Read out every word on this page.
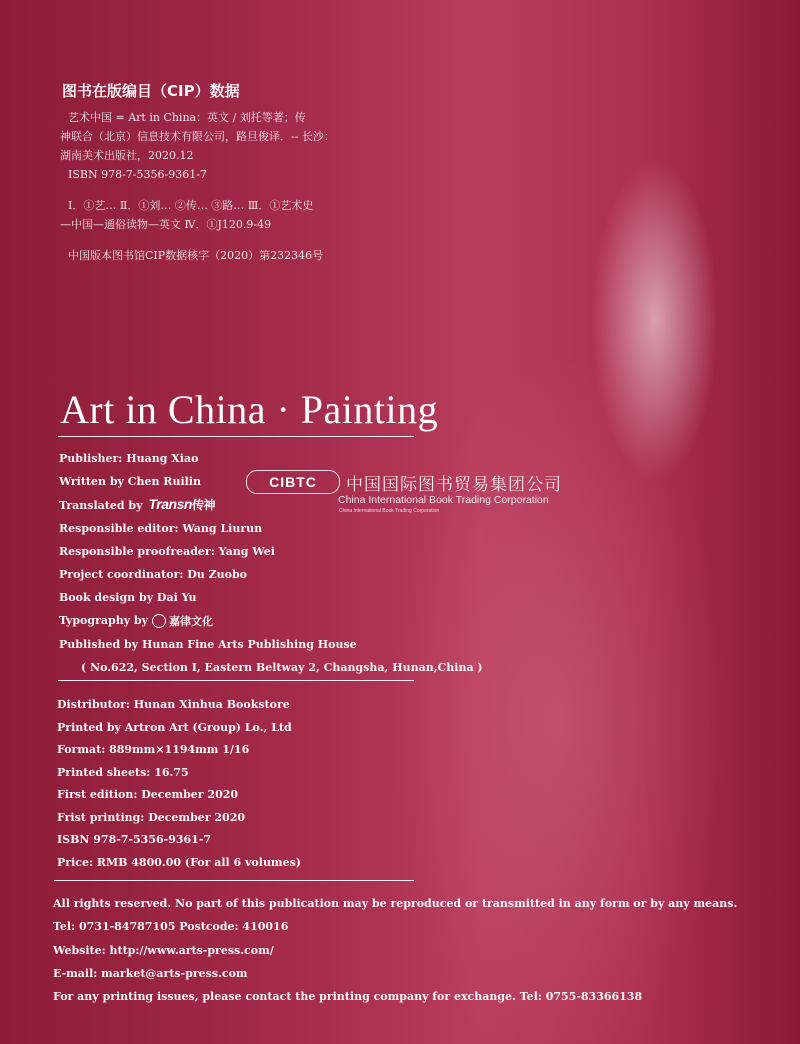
图书在版编目（CIP）数据
艺术中国 = Art in China：英文 / 刘托等著；传
神联合（北京）信息技术有限公司，路旦俊译．-- 长沙：
湖南美术出版社，2020.12
ISBN 978-7-5356-9361-7
Ⅰ．①艺… Ⅱ．①刘… ②传… ③路… Ⅲ．①艺术史
—中国—通俗读物—英文 Ⅳ．①J120.9-49
中国版本图书馆CIP数据核字（2020）第232346号
Art in China · Painting
Publisher: Huang Xiao
Written by Chen Ruilin
Translated by Transn传神
Responsible editor: Wang Liurun
Responsible proofreader: Yang Wei
Project coordinator: Du Zuobo
Book design by Dai Yu
Typography by 嘉律文化
Published by Hunan Fine Arts Publishing House
( No.622, Section I, Eastern Beltway 2, Changsha, Hunan,China )
CIBTC	中国国际图书贸易集团公司
China International Book Trading Corporation
China International Book Trading Corporation
Distributor: Hunan Xinhua Bookstore
Printed by Artron Art (Group) Lo., Ltd
Format: 889mm×1194mm 1/16
Printed sheets: 16.75
First edition: December 2020
Frist printing: December 2020
ISBN 978-7-5356-9361-7
Price: RMB 4800.00 (For all 6 volumes)
All rights reserved. No part of this publication may be reproduced or transmitted in any form or by any means.
Tel: 0731-84787105 Postcode: 410016
Website: http://www.arts-press.com/
E-mail: market@arts-press.com
For any printing issues, please contact the printing company for exchange. Tel: 0755-83366138
